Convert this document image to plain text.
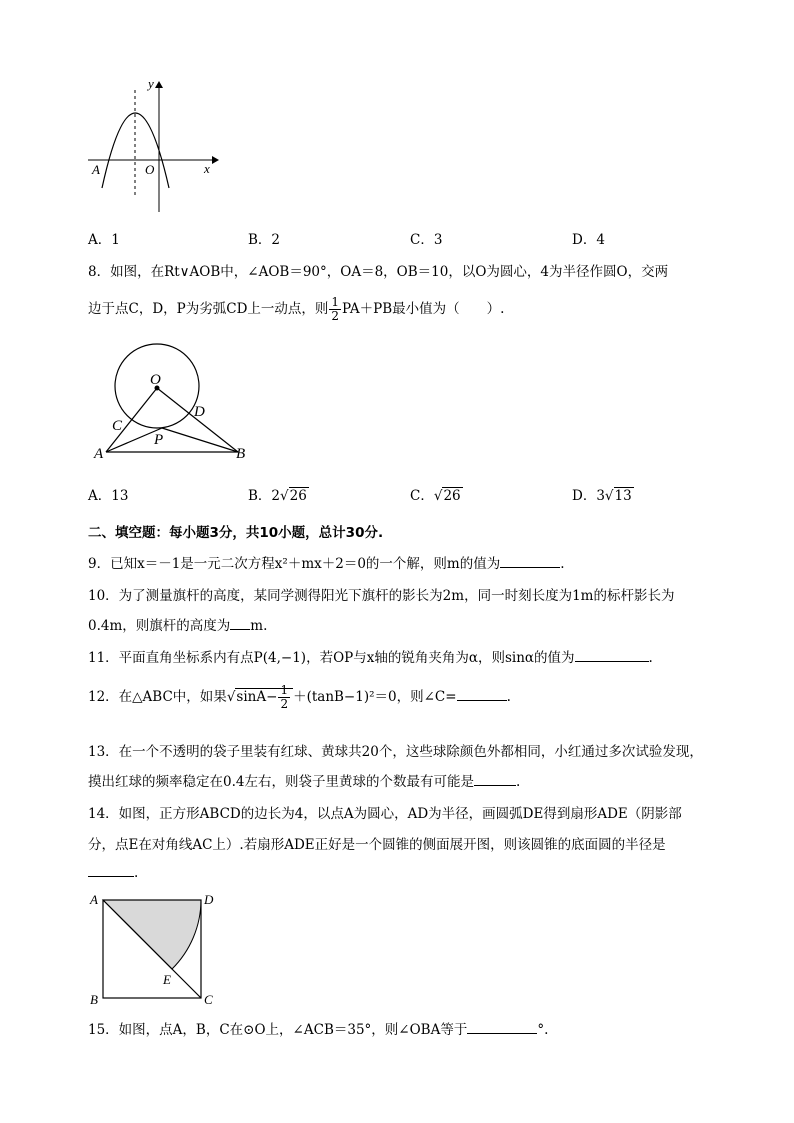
y
x
A	O
A．1	B．2	C．3	D．4
8．如图，在Rt∨AOB中，∠AOB＝90°，OA＝8，OB＝10，以O为圆心，4为半径作圆O，交两
边于点C，D，P为劣弧CD上一动点，则 $\frac{1}{2} PA+PB$最小值为（　　）.
O
C
D
P
A	B
A．13	B．2√26	C．√26	D．3√13
二、填空题：每小题3分，共10小题，总计30分.
9．已知x＝－1是一元二次方程x²＋mx＋2＝0的一个解，则m的值为	.
10．为了测量旗杆的高度，某同学测得阳光下旗杆的影长为2m，同一时刻长度为1m的标杆影长为
0.4m，则旗杆的高度为 m.
11．平面直角坐标系内有点P(4,−1)，若OP与x轴的锐角夹角为α，则sinα的值为	.
12．在△ABC中，如果$√\sin A- \frac{1}{2} +(\tan B-1)^2=0$，则∠C=	.
13．在一个不透明的袋子里装有红球、黄球共20个，这些球除颜色外都相同，小红通过多次试验发现，
摸出红球的频率稳定在0.4左右，则袋子里黄球的个数最有可能是	.
14．如图，正方形ABCD的边长为4，以点A为圆心，AD为半径，画圆弧DE得到扇形ADE（阴影部
分，点E在对角线AC上）.若扇形ADE正好是一个圆锥的侧面展开图，则该圆锥的底面圆的半径是
.
A	D
B	C
E
15．如图，点A，B，C在⊙O上，∠ACB＝35°，则∠OBA等于	°.
